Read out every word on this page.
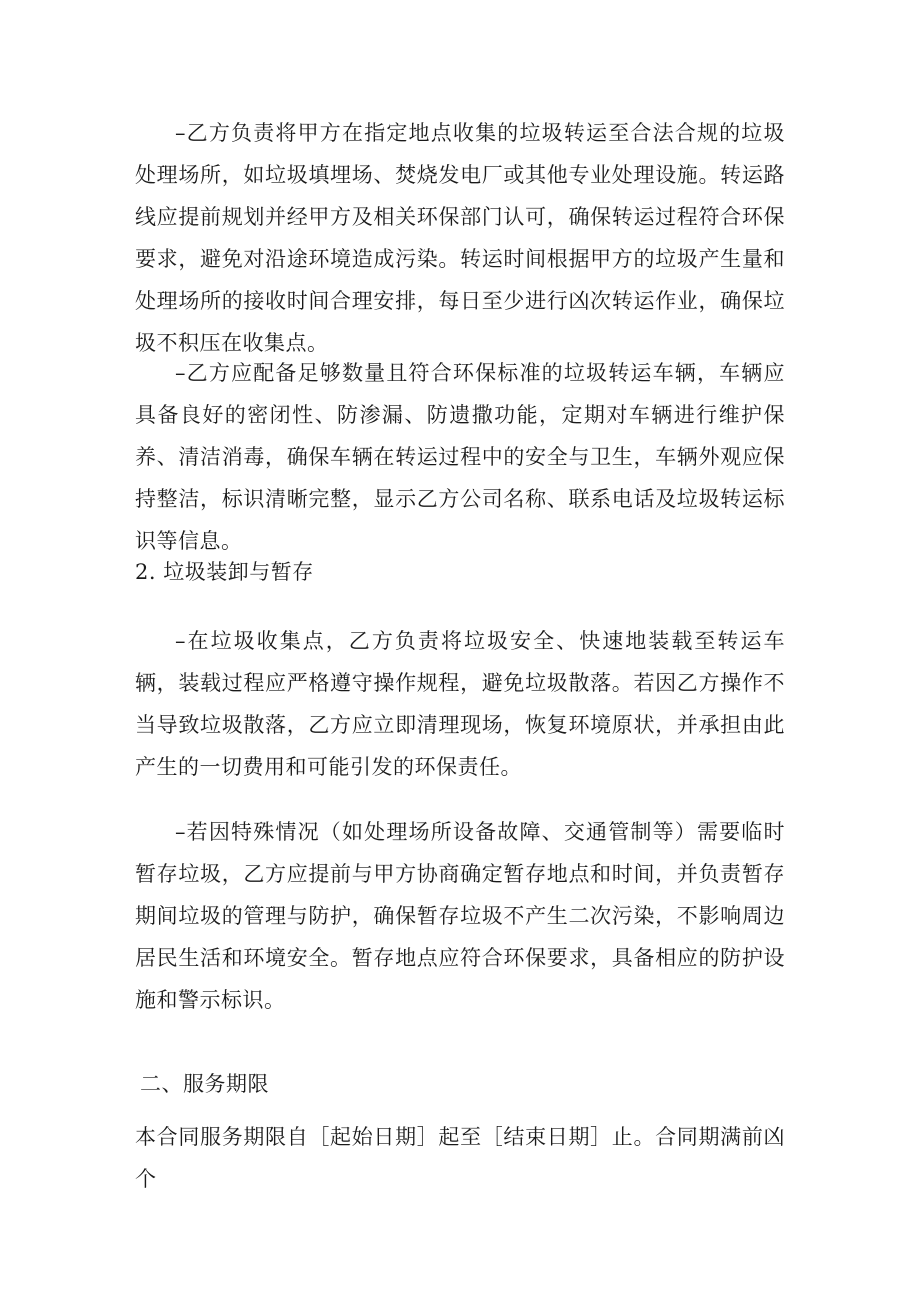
–乙方负责将甲方在指定地点收集的垃圾转运至合法合规的垃圾处理场所，如垃圾填埋场、焚烧发电厂或其他专业处理设施。转运路线应提前规划并经甲方及相关环保部门认可，确保转运过程符合环保要求，避免对沿途环境造成污染。转运时间根据甲方的垃圾产生量和处理场所的接收时间合理安排，每日至少进行凶次转运作业，确保垃圾不积压在收集点。

–乙方应配备足够数量且符合环保标准的垃圾转运车辆，车辆应具备良好的密闭性、防渗漏、防遗撒功能，定期对车辆进行维护保养、清洁消毒，确保车辆在转运过程中的安全与卫生，车辆外观应保持整洁，标识清晰完整，显示乙方公司名称、联系电话及垃圾转运标识等信息。

2. 垃圾装卸与暂存

–在垃圾收集点，乙方负责将垃圾安全、快速地装载至转运车辆，装载过程应严格遵守操作规程，避免垃圾散落。若因乙方操作不当导致垃圾散落，乙方应立即清理现场，恢复环境原状，并承担由此产生的一切费用和可能引发的环保责任。

–若因特殊情况（如处理场所设备故障、交通管制等）需要临时暂存垃圾，乙方应提前与甲方协商确定暂存地点和时间，并负责暂存期间垃圾的管理与防护，确保暂存垃圾不产生二次污染，不影响周边居民生活和环境安全。暂存地点应符合环保要求，具备相应的防护设施和警示标识。

二、服务期限

本合同服务期限自［起始日期］起至［结束日期］止。合同期满前凶个
